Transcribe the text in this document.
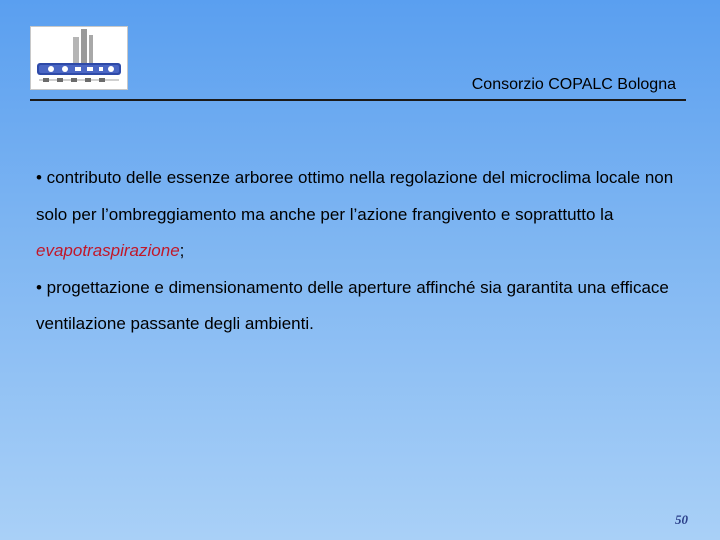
Consorzio COPALC Bologna

• contributo delle essenze arboree ottimo nella regolazione del microclima locale non solo per l’ombreggiamento ma anche per l’azione frangivento e soprattutto la evapotraspirazione;

• progettazione e dimensionamento delle aperture affinché sia garantita una efficace ventilazione passante degli ambienti.

50
